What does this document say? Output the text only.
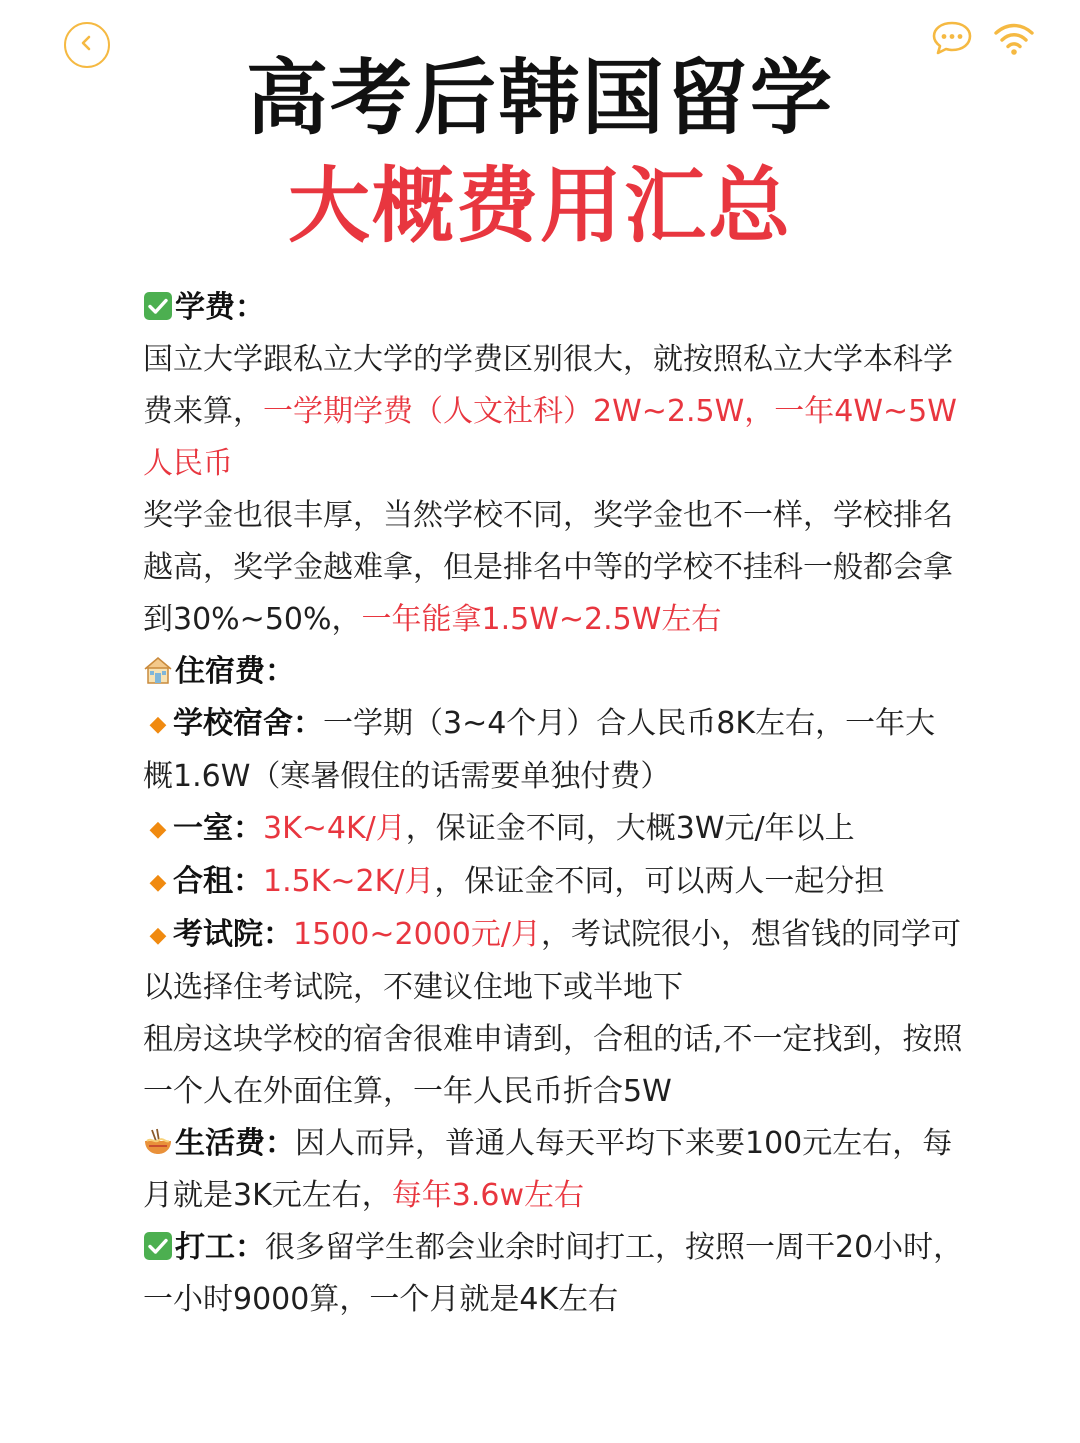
高考后韩国留学
大概费用汇总

学费：

国立大学跟私立大学的学费区别很大，就按照私立大学本科学费来算，一学期学费（人文社科）2W~2.5W，一年4W~5W人民币

奖学金也很丰厚，当然学校不同，奖学金也不一样，学校排名越高，奖学金越难拿，但是排名中等的学校不挂科一般都会拿到30%~50%，一年能拿1.5W~2.5W左右

住宿费：

◆ 学校宿舍：一学期（3~4个月）合人民币8K左右，一年大概1.6W（寒暑假住的话需要单独付费）

◆ 一室：3K~4K/月，保证金不同，大概3W元/年以上

◆ 合租：1.5K~2K/月，保证金不同，可以两人一起分担

◆ 考试院：1500~2000元/月，考试院很小，想省钱的同学可以选择住考试院，不建议住地下或半地下

租房这块学校的宿舍很难申请到，合租的话,不一定找到，按照一个人在外面住算，一年人民币折合5W

生活费：因人而异，普通人每天平均下来要100元左右，每月就是3K元左右，每年3.6w左右

打工：很多留学生都会业余时间打工，按照一周干20小时，一小时9000算，一个月就是4K左右
